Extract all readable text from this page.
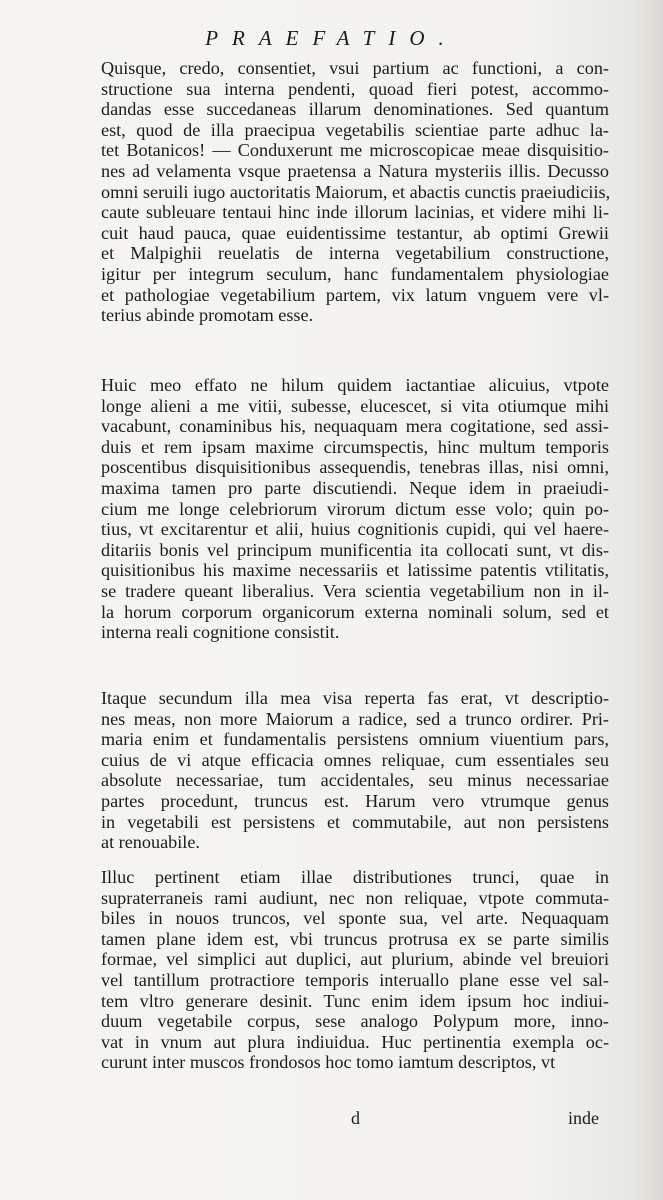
PRAEFATIO.
Quisque, credo, consentiet, vsui partium ac functioni, a con-
structione sua interna pendenti, quoad fieri potest, accommo-
dandas esse succedaneas illarum denominationes. Sed quantum
est, quod de illa praecipua vegetabilis scientiae parte adhuc la-
tet Botanicos! — Conduxerunt me microscopicae meae disquisitio-
nes ad velamenta vsque praetensa a Natura mysteriis illis. Decusso
omni seruili iugo auctoritatis Maiorum, et abactis cunctis praeiudiciis,
caute subleuare tentaui hinc inde illorum lacinias, et videre mihi li-
cuit haud pauca, quae euidentissime testantur, ab optimi Grewii
et Malpighii reuelatis de interna vegetabilium constructione,
igitur per integrum seculum, hanc fundamentalem physiologiae
et pathologiae vegetabilium partem, vix latum vnguem vere vl-
terius abinde promotam esse.
Huic meo effato ne hilum quidem iactantiae alicuius, vtpote
longe alieni a me vitii, subesse, elucescet, si vita otiumque mihi
vacabunt, conaminibus his, nequaquam mera cogitatione, sed assi-
duis et rem ipsam maxime circumspectis, hinc multum temporis
poscentibus disquisitionibus assequendis, tenebras illas, nisi omni,
maxima tamen pro parte discutiendi. Neque idem in praeiudi-
cium me longe celebriorum virorum dictum esse volo; quin po-
tius, vt excitarentur et alii, huius cognitionis cupidi, qui vel haere-
ditariis bonis vel principum munificentia ita collocati sunt, vt dis-
quisitionibus his maxime necessariis et latissime patentis vtilitatis,
se tradere queant liberalius. Vera scientia vegetabilium non in il-
la horum corporum organicorum externa nominali solum, sed et
interna reali cognitione consistit.
Itaque secundum illa mea visa reperta fas erat, vt descriptio-
nes meas, non more Maiorum a radice, sed a trunco ordirer. Pri-
maria enim et fundamentalis persistens omnium viuentium pars,
cuius de vi atque efficacia omnes reliquae, cum essentiales seu
absolute necessariae, tum accidentales, seu minus necessariae
partes procedunt, truncus est. Harum vero vtrumque genus
in vegetabili est persistens et commutabile, aut non persistens
at renouabile.
Illuc pertinent etiam illae distributiones trunci, quae in
supraterraneis rami audiunt, nec non reliquae, vtpote commuta-
biles in nouos truncos, vel sponte sua, vel arte. Nequaquam
tamen plane idem est, vbi truncus protrusa ex se parte similis
formae, vel simplici aut duplici, aut plurium, abinde vel breuiori
vel tantillum protractiore temporis interuallo plane esse vel sal-
tem vltro generare desinit. Tunc enim idem ipsum hoc indiui-
duum vegetabile corpus, sese analogo Polypum more, inno-
vat in vnum aut plura indiuidua. Huc pertinentia exempla oc-
curunt inter muscos frondosos hoc tomo iamtum descriptos, vt
d	inde
